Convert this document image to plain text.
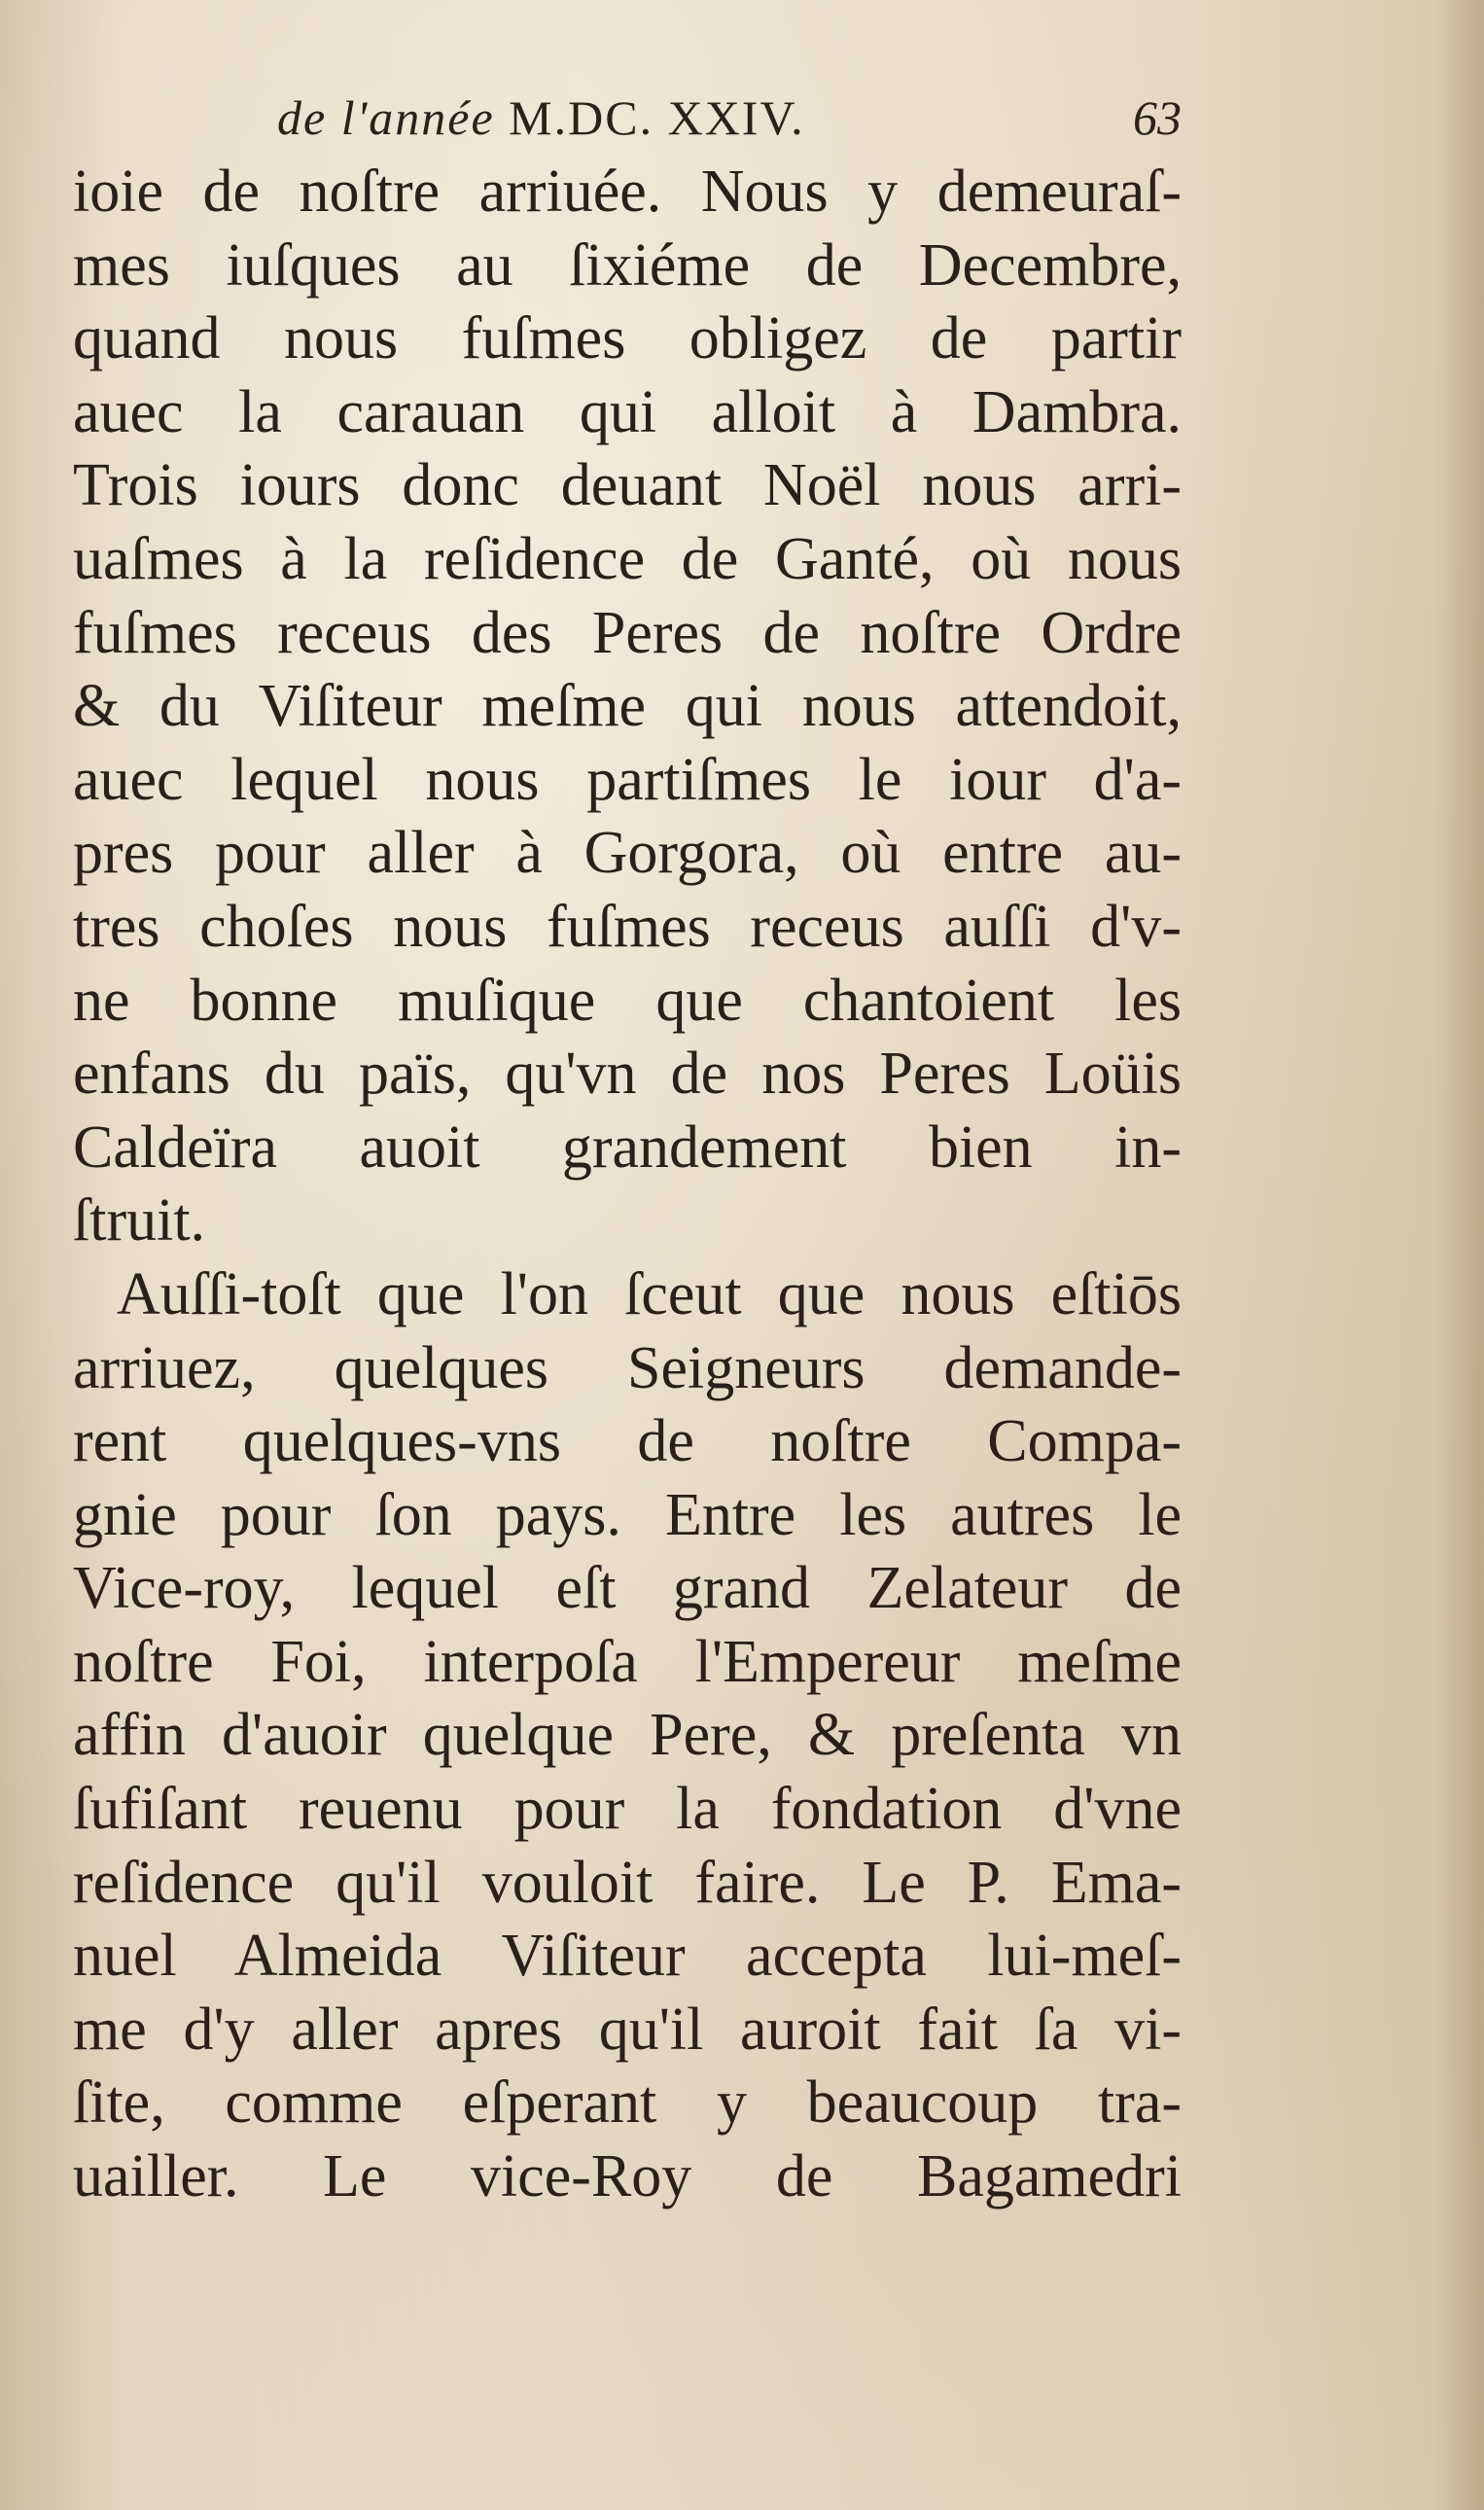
de l'année M.DC. XXIV.	63
ioie de noſtre arriuée. Nous y demeuraſ-
mes iuſques au ſixiéme de Decembre,
quand nous fuſmes obligez de partir
auec la carauan qui alloit à Dambra.
Trois iours donc deuant Noël nous arri-
uaſmes à la reſidence de Ganté, où nous
fuſmes receus des Peres de noſtre Ordre
& du Viſiteur meſme qui nous attendoit,
auec lequel nous partiſmes le iour d'a-
pres pour aller à Gorgora, où entre au-
tres choſes nous fuſmes receus auſſi d'v-
ne bonne muſique que chantoient les
enfans du païs, qu'vn de nos Peres Loüis
Caldeïra auoit grandement bien in-
ſtruit.
Auſſi-toſt que l'on ſceut que nous eſtiōs
arriuez, quelques Seigneurs demande-
rent quelques-vns de noſtre Compa-
gnie pour ſon pays. Entre les autres le
Vice-roy, lequel eſt grand Zelateur de
noſtre Foi, interpoſa l'Empereur meſme
affin d'auoir quelque Pere, & preſenta vn
ſufiſant reuenu pour la fondation d'vne
reſidence qu'il vouloit faire. Le P. Ema-
nuel Almeida Viſiteur accepta lui-meſ-
me d'y aller apres qu'il auroit fait ſa vi-
ſite, comme eſperant y beaucoup tra-
uailler. Le vice-Roy de Bagamedri
